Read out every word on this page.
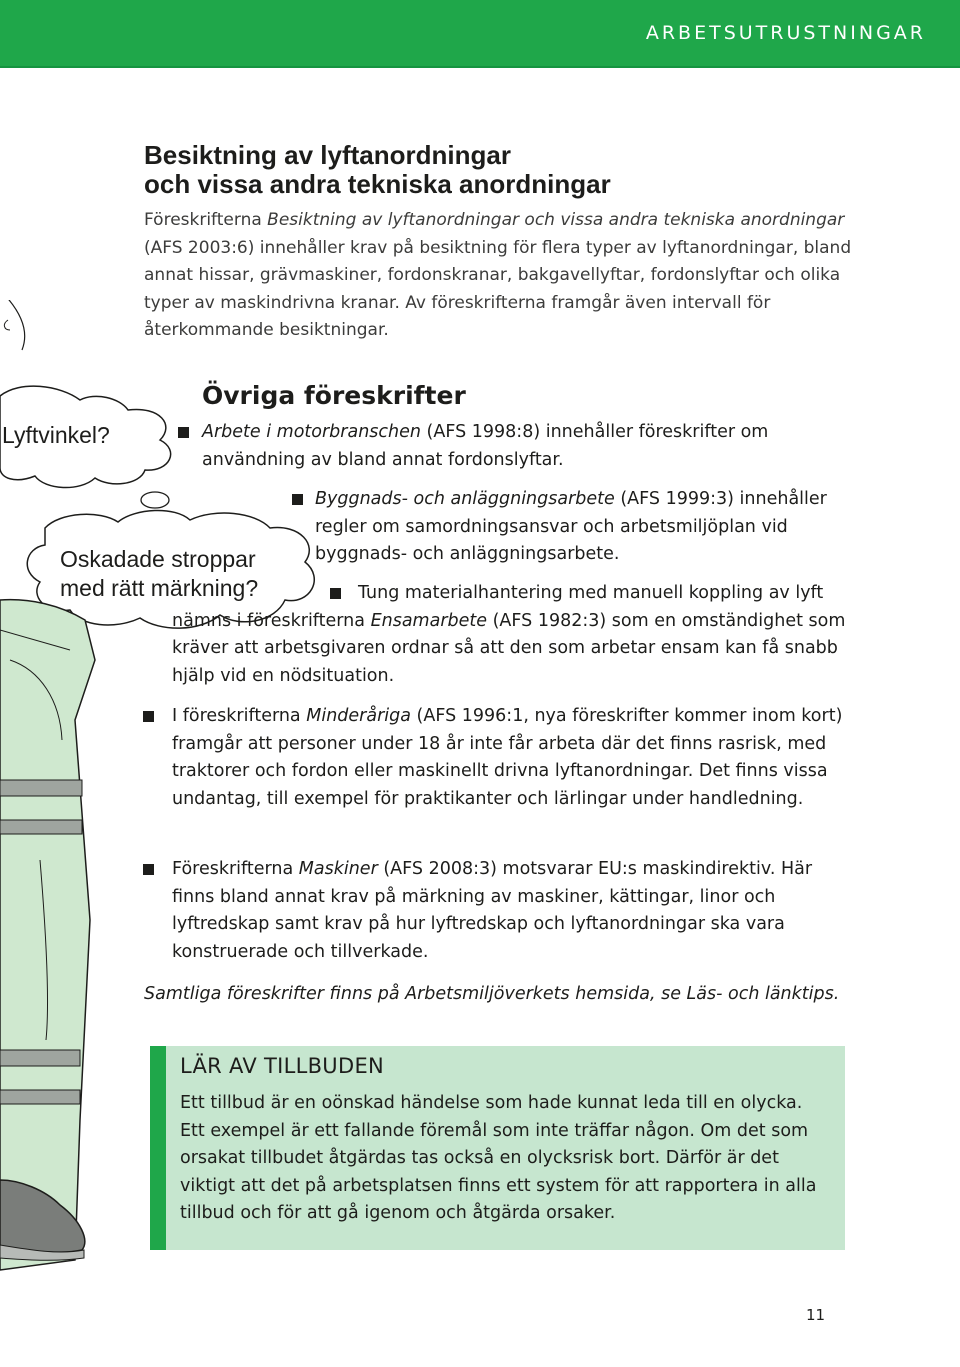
ARBETSUTRUSTNINGAR
Lyftvinkel?
Oskadade stroppar
med rätt märkning?
Besiktning av lyftanordningar
och vissa andra tekniska anordningar

Föreskrifterna Besiktning av lyftanordningar och vissa andra tekniska anordningar (AFS 2003:6) innehåller krav på besiktning för flera typer av lyftanordningar, bland annat hissar, grävmaskiner, fordonskranar, bakgavellyftar, fordonslyftar och olika typer av maskindrivna kranar. Av föreskrifterna framgår även intervall för återkommande besiktningar.

Övriga föreskrifter

Arbete i motorbranschen (AFS 1998:8) innehåller föreskrifter om användning av bland annat fordonslyftar.

Byggnads- och anläggningsarbete (AFS 1999:3) innehåller regler om samordningsansvar och arbetsmiljöplan vid byggnads- och anläggningsarbete.

Tung materialhantering med manuell koppling av lyft nämns i föreskrifterna Ensamarbete (AFS 1982:3) som en omständighet som kräver att arbetsgivaren ordnar så att den som arbetar ensam kan få snabb hjälp vid en nödsituation.

I föreskrifterna Minderåriga (AFS 1996:1, nya föreskrifter kommer inom kort) framgår att personer under 18 år inte får arbeta där det finns rasrisk, med traktorer och fordon eller maskinellt drivna lyftanordningar. Det finns vissa undantag, till exempel för praktikanter och lärlingar under handledning.

Föreskrifterna Maskiner (AFS 2008:3) motsvarar EU:s maskindirektiv. Här finns bland annat krav på märkning av maskiner, kättingar, linor och lyftredskap samt krav på hur lyftredskap och lyftanordningar ska vara konstruerade och tillverkade.

Samtliga föreskrifter finns på Arbetsmiljöverkets hemsida, se Läs- och länktips.

LÄR AV TILLBUDEN

Ett tillbud är en oönskad händelse som hade kunnat leda till en olycka. Ett exempel är ett fallande föremål som inte träffar någon. Om det som orsakat tillbudet åtgärdas tas också en olycksrisk bort. Därför är det viktigt att det på arbetsplatsen finns ett system för att rapportera in alla tillbud och för att gå igenom och åtgärda orsaker.

11
